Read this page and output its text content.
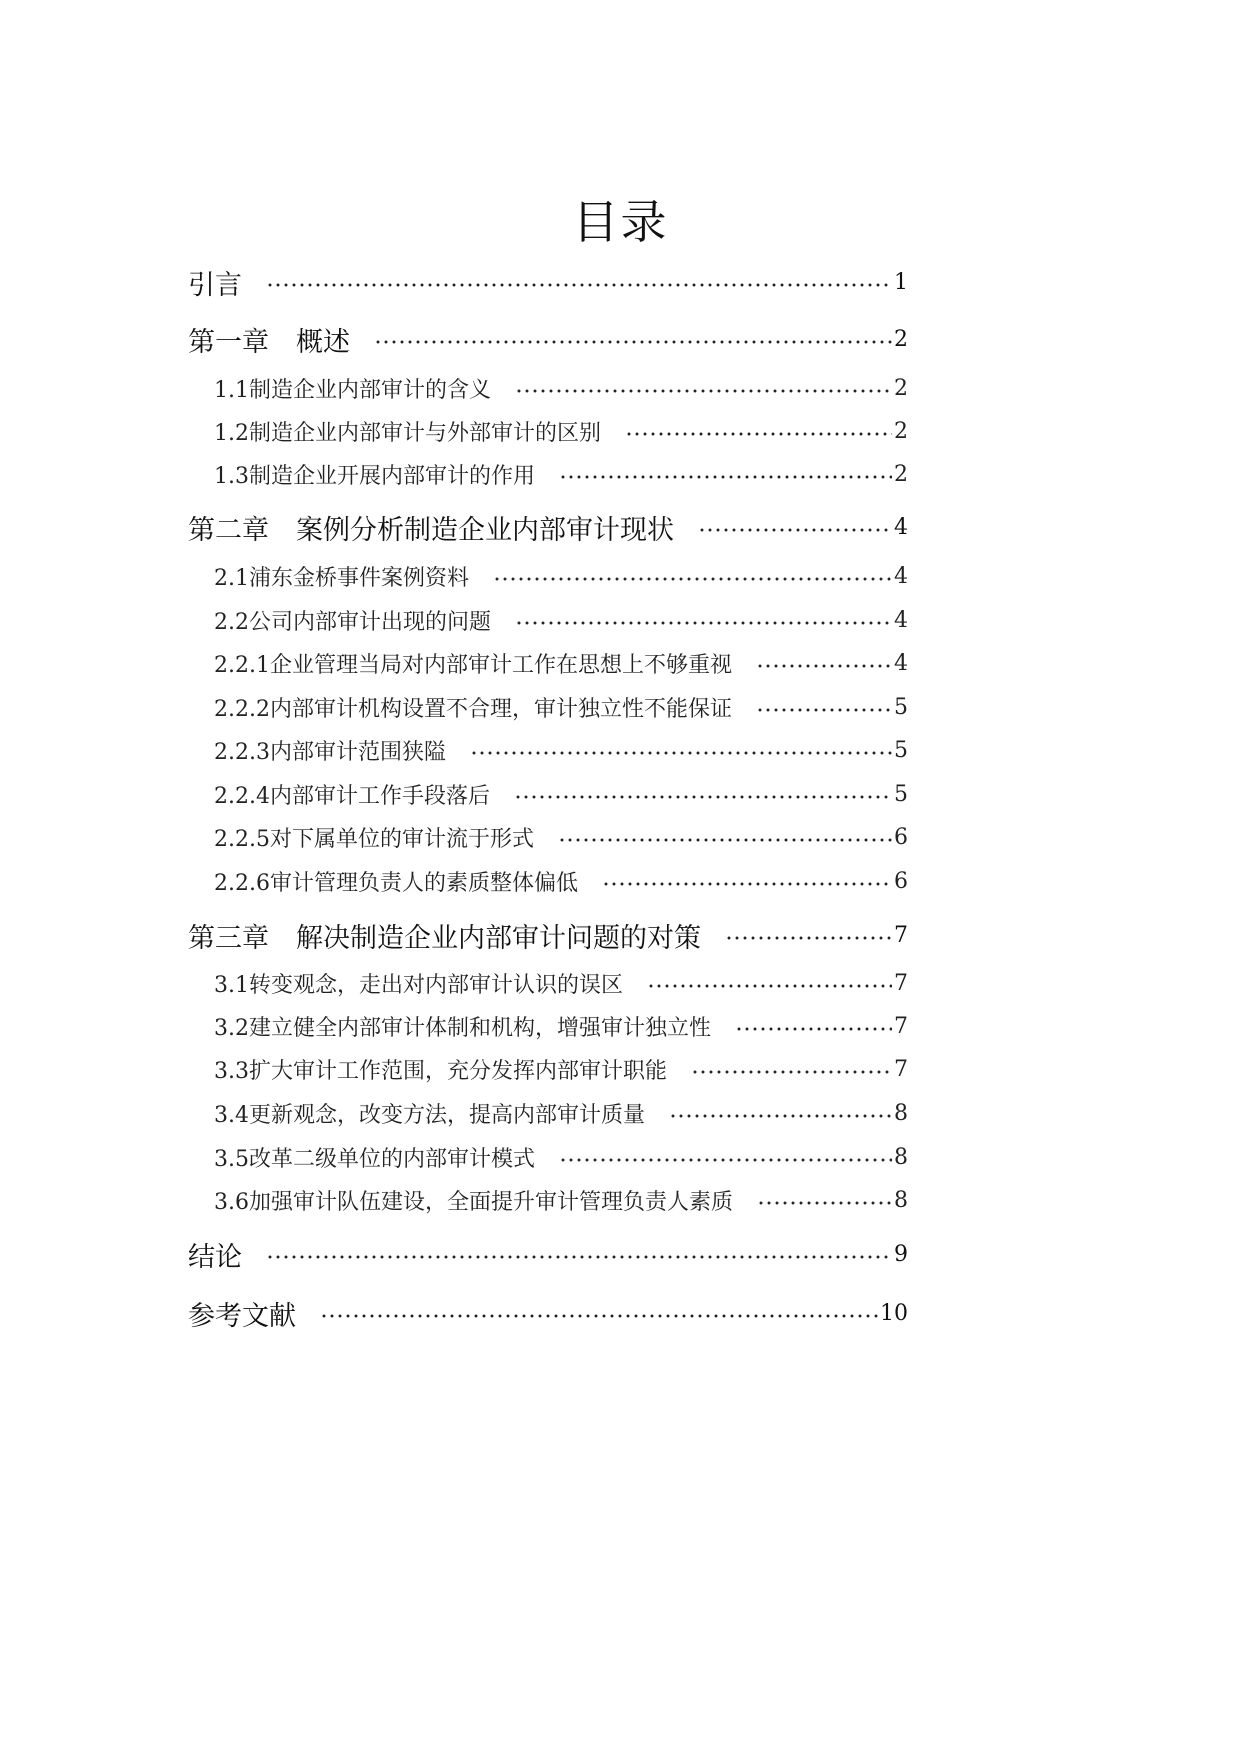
目录
引言	1
第一章　概述	2
1.1制造企业内部审计的含义	2
1.2制造企业内部审计与外部审计的区别	2
1.3制造企业开展内部审计的作用	2
第二章　案例分析制造企业内部审计现状	4
2.1浦东金桥事件案例资料	4
2.2公司内部审计出现的问题	4
2.2.1企业管理当局对内部审计工作在思想上不够重视	4
2.2.2内部审计机构设置不合理，审计独立性不能保证	5
2.2.3内部审计范围狭隘	5
2.2.4内部审计工作手段落后	5
2.2.5对下属单位的审计流于形式	6
2.2.6审计管理负责人的素质整体偏低	6
第三章　解决制造企业内部审计问题的对策	7
3.1转变观念，走出对内部审计认识的误区	7
3.2建立健全内部审计体制和机构，增强审计独立性	7
3.3扩大审计工作范围，充分发挥内部审计职能	7
3.4更新观念，改变方法，提高内部审计质量	8
3.5改革二级单位的内部审计模式	8
3.6加强审计队伍建设，全面提升审计管理负责人素质	8
结论	9
参考文献	10
